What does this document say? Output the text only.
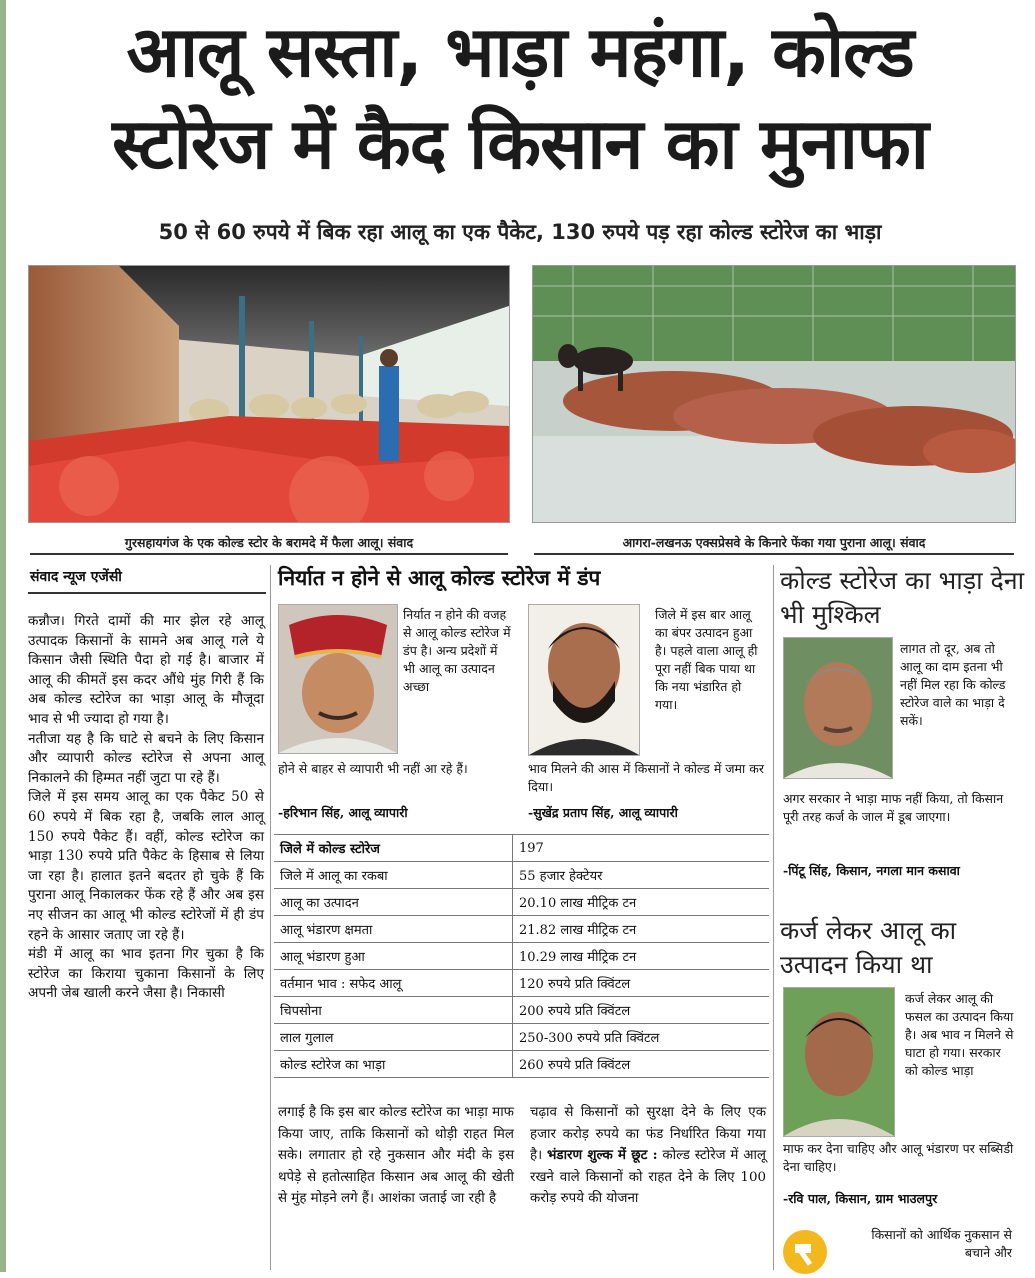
आलू सस्ता, भाड़ा महंगा, कोल्ड
स्टोरेज में कैद किसान का मुनाफा
50 से 60 रुपये में बिक रहा आलू का एक पैकेट, 130 रुपये पड़ रहा कोल्ड स्टोरेज का भाड़ा
गुरसहायगंज के एक कोल्ड स्टोर के बरामदे में फैला आलू। संवाद	आगरा-लखनऊ एक्सप्रेसवे के किनारे फेंका गया पुराना आलू। संवाद
संवाद न्यूज एजेंसी

कन्नौज। गिरते दामों की मार झेल रहे आलू उत्पादक किसानों के सामने अब आलू गले ये किसान जैसी स्थिति पैदा हो गई है। बाजार में आलू की कीमतें इस कदर औंधे मुंह गिरी हैं कि अब कोल्ड स्टोरेज का भाड़ा आलू के मौजूदा भाव से भी ज्यादा हो गया है।

नतीजा यह है कि घाटे से बचने के लिए किसान और व्यापारी कोल्ड स्टोरेज से अपना आलू निकालने की हिम्मत नहीं जुटा पा रहे हैं।

जिले में इस समय आलू का एक पैकेट 50 से 60 रुपये में बिक रहा है, जबकि लाल आलू 150 रुपये पैकेट हैं। वहीं, कोल्ड स्टोरेज का भाड़ा 130 रुपये प्रति पैकेट के हिसाब से लिया जा रहा है। हालात इतने बदतर हो चुके हैं कि पुराना आलू निकालकर फेंक रहे हैं और अब इस नए सीजन का आलू भी कोल्ड स्टोरेजों में ही डंप रहने के आसार जताए जा रहे हैं।

मंडी में आलू का भाव इतना गिर चुका है कि स्टोरेज का किराया चुकाना किसानों के लिए अपनी जेब खाली करने जैसा है। निकासी

निर्यात न होने से आलू कोल्ड स्टोरेज में डंप
निर्यात न होने की वजह से आलू कोल्ड स्टोरेज में डंप है। अन्य प्रदेशों में भी आलू का उत्पादन अच्छा
होने से बाहर से व्यापारी भी नहीं आ रहे हैं।
-हरिभान सिंह, आलू व्यापारी
जिले में इस बार आलू का बंपर उत्पादन हुआ है। पहले वाला आलू ही पूरा नहीं बिक पाया था कि नया भंडारित हो गया।
भाव मिलने की आस में किसानों ने कोल्ड में जमा कर दिया।
-सुखेंद्र प्रताप सिंह, आलू व्यापारी
जिले में कोल्ड स्टोरेज	197
जिले में आलू का रकबा	55 हजार हेक्टेयर
आलू का उत्पादन	20.10 लाख मीट्रिक टन
आलू भंडारण क्षमता	21.82 लाख मीट्रिक टन
आलू भंडारण हुआ	10.29 लाख मीट्रिक टन
वर्तमान भाव : सफेद आलू	120 रुपये प्रति क्विंटल
चिपसोना	200 रुपये प्रति क्विंटल
लाल गुलाल	250-300 रुपये प्रति क्विंटल
कोल्ड स्टोरेज का भाड़ा	260 रुपये प्रति क्विंटल
लगाई है कि इस बार कोल्ड स्टोरेज का भाड़ा माफ किया जाए, ताकि किसानों को थोड़ी राहत मिल सके। लगातार हो रहे नुकसान और मंदी के इस थपेड़े से हतोत्साहित किसान अब आलू की खेती से मुंह मोड़ने लगे हैं। आशंका जताई जा रही है
चढ़ाव से किसानों को सुरक्षा देने के लिए एक हजार करोड़ रुपये का फंड निर्धारित किया गया है। भंडारण शुल्क में छूट : कोल्ड स्टोरेज में आलू रखने वाले किसानों को राहत देने के लिए 100 करोड़ रुपये की योजना
कोल्ड स्टोरेज का भाड़ा देना भी मुश्किल
लागत तो दूर, अब तो आलू का दाम इतना भी नहीं मिल रहा कि कोल्ड स्टोरेज वाले का भाड़ा दे सकें।
अगर सरकार ने भाड़ा माफ नहीं किया, तो किसान पूरी तरह कर्ज के जाल में डूब जाएगा।
-पिंटू सिंह, किसान, नगला मान कसावा
कर्ज लेकर आलू का उत्पादन किया था
कर्ज लेकर आलू की फसल का उत्पादन किया है। अब भाव न मिलने से घाटा हो गया। सरकार को कोल्ड भाड़ा
माफ कर देना चाहिए और आलू भंडारण पर सब्सिडी देना चाहिए।
-रवि पाल, किसान, ग्राम भाउलपुर
किसानों को आर्थिक नुकसान से बचाने और
